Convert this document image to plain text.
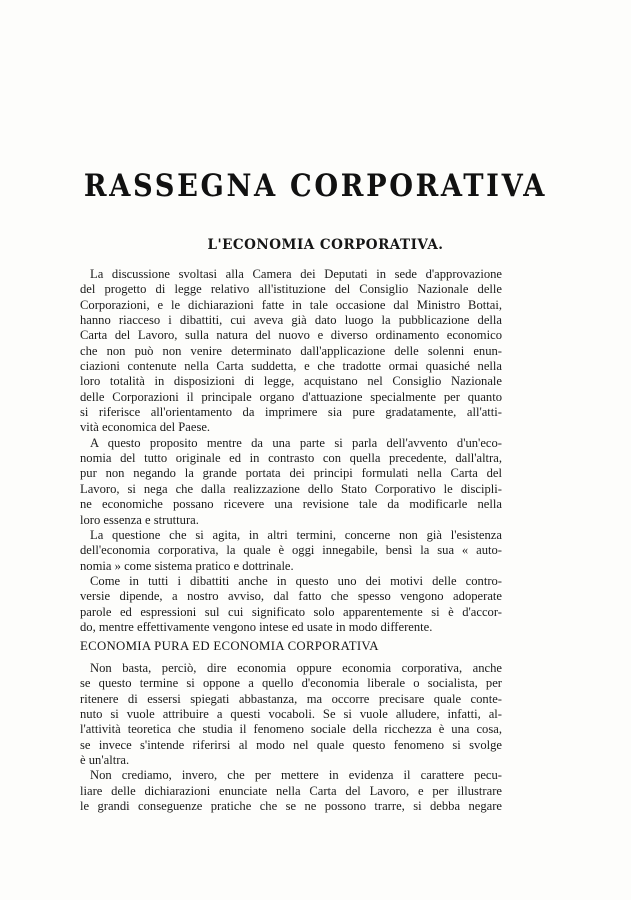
RASSEGNA CORPORATIVA
L'ECONOMIA CORPORATIVA.
La discussione svoltasi alla Camera dei Deputati in sede d'approvazione
del progetto di legge relativo all'istituzione del Consiglio Nazionale delle
Corporazioni, e le dichiarazioni fatte in tale occasione dal Ministro Bottai,
hanno riacceso i dibattiti, cui aveva già dato luogo la pubblicazione della
Carta del Lavoro, sulla natura del nuovo e diverso ordinamento economico
che non può non venire determinato dall'applicazione delle solenni enun-
ciazioni contenute nella Carta suddetta, e che tradotte ormai quasiché nella
loro totalità in disposizioni di legge, acquistano nel Consiglio Nazionale
delle Corporazioni il principale organo d'attuazione specialmente per quanto
si riferisce all'orientamento da imprimere sia pure gradatamente, all'atti-
vità economica del Paese.
A questo proposito mentre da una parte si parla dell'avvento d'un'eco-
nomia del tutto originale ed in contrasto con quella precedente, dall'altra,
pur non negando la grande portata dei principi formulati nella Carta del
Lavoro, si nega che dalla realizzazione dello Stato Corporativo le discipli-
ne economiche possano ricevere una revisione tale da modificarle nella
loro essenza e struttura.
La questione che si agita, in altri termini, concerne non già l'esistenza
dell'economia corporativa, la quale è oggi innegabile, bensì la sua « auto-
nomia » come sistema pratico e dottrinale.
Come in tutti i dibattiti anche in questo uno dei motivi delle contro-
versie dipende, a nostro avviso, dal fatto che spesso vengono adoperate
parole ed espressioni sul cui significato solo apparentemente si è d'accor-
do, mentre effettivamente vengono intese ed usate in modo differente.
ECONOMIA PURA ED ECONOMIA CORPORATIVA
Non basta, perciò, dire economia oppure economia corporativa, anche
se questo termine si oppone a quello d'economia liberale o socialista, per
ritenere di essersi spiegati abbastanza, ma occorre precisare quale conte-
nuto si vuole attribuire a questi vocaboli. Se si vuole alludere, infatti, al-
l'attività teoretica che studia il fenomeno sociale della ricchezza è una cosa,
se invece s'intende riferirsi al modo nel quale questo fenomeno si svolge
è un'altra.
Non crediamo, invero, che per mettere in evidenza il carattere pecu-
liare delle dichiarazioni enunciate nella Carta del Lavoro, e per illustrare
le grandi conseguenze pratiche che se ne possono trarre, si debba negare
